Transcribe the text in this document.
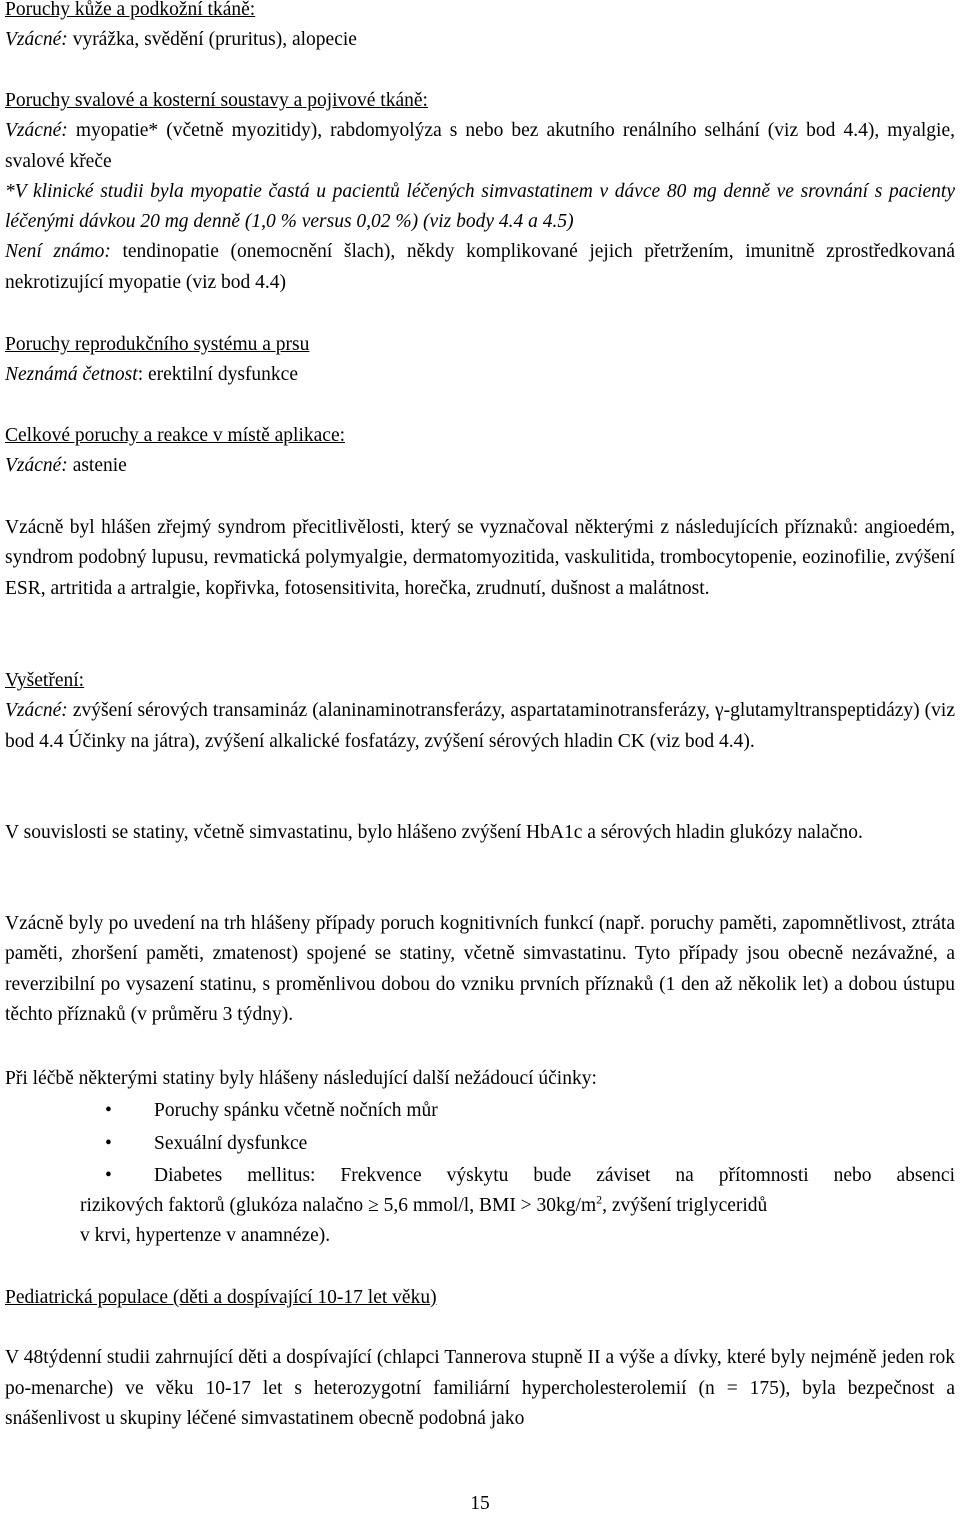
Poruchy kůže a podkožní tkáně:

Vzácné: vyrážka, svědění (pruritus), alopecie

Poruchy svalové a kosterní soustavy a pojivové tkáně:

Vzácné: myopatie* (včetně myozitidy), rabdomyolýza s nebo bez akutního renálního selhání (viz bod 4.4), myalgie, svalové křeče

*V klinické studii byla myopatie častá u pacientů léčených simvastatinem v dávce 80 mg denně ve srovnání s pacienty léčenými dávkou 20 mg denně (1,0 % versus 0,02 %) (viz body 4.4 a 4.5)

Není známo: tendinopatie (onemocnění šlach), někdy komplikované jejich přetržením, imunitně zprostředkovaná nekrotizující myopatie (viz bod 4.4)

Poruchy reprodukčního systému a prsu

Neznámá četnost: erektilní dysfunkce

Celkové poruchy a reakce v místě aplikace:

Vzácné: astenie

Vzácně byl hlášen zřejmý syndrom přecitlivělosti, který se vyznačoval některými z následujících příznaků: angioedém, syndrom podobný lupusu, revmatická polymyalgie, dermatomyozitida, vaskulitida, trombocytopenie, eozinofilie, zvýšení ESR, artritida a artralgie, kopřivka, fotosensitivita, horečka, zrudnutí, dušnost a malátnost.

Vyšetření:

Vzácné: zvýšení sérových transamináz (alaninaminotransferázy, aspartataminotransferázy, γ-glutamyltranspeptidázy) (viz bod 4.4 Účinky na játra), zvýšení alkalické fosfatázy, zvýšení sérových hladin CK (viz bod 4.4).

V souvislosti se statiny, včetně simvastatinu, bylo hlášeno zvýšení HbA1c a sérových hladin glukózy nalačno.

Vzácně byly po uvedení na trh hlášeny případy poruch kognitivních funkcí (např. poruchy paměti, zapomnětlivost, ztráta paměti, zhoršení paměti, zmatenost) spojené se statiny, včetně simvastatinu. Tyto případy jsou obecně nezávažné, a reverzibilní po vysazení statinu, s proměnlivou dobou do vzniku prvních příznaků (1 den až několik let) a dobou ústupu těchto příznaků (v průměru 3 týdny).

Při léčbě některými statiny byly hlášeny následující další nežádoucí účinky:

• Poruchy spánku včetně nočních můr
• Sexuální dysfunkce
•	Diabetes mellitus: Frekvence výskytu bude záviset na přítomnosti nebo absenci
rizikových faktorů (glukóza nalačno ≥ 5,6 mmol/l, BMI > $30kg/m^2$, zvýšení triglyceridů
v krvi, hypertenze v anamnéze).

Pediatrická populace (děti a dospívající 10-17 let věku)

V 48týdenní studii zahrnující děti a dospívající (chlapci Tannerova stupně II a výše a dívky, které byly nejméně jeden rok po-menarche) ve věku 10-17 let s heterozygotní familiární hypercholesterolemií (n = 175), byla bezpečnost a snášenlivost u skupiny léčené simvastatinem obecně podobná jako

15
